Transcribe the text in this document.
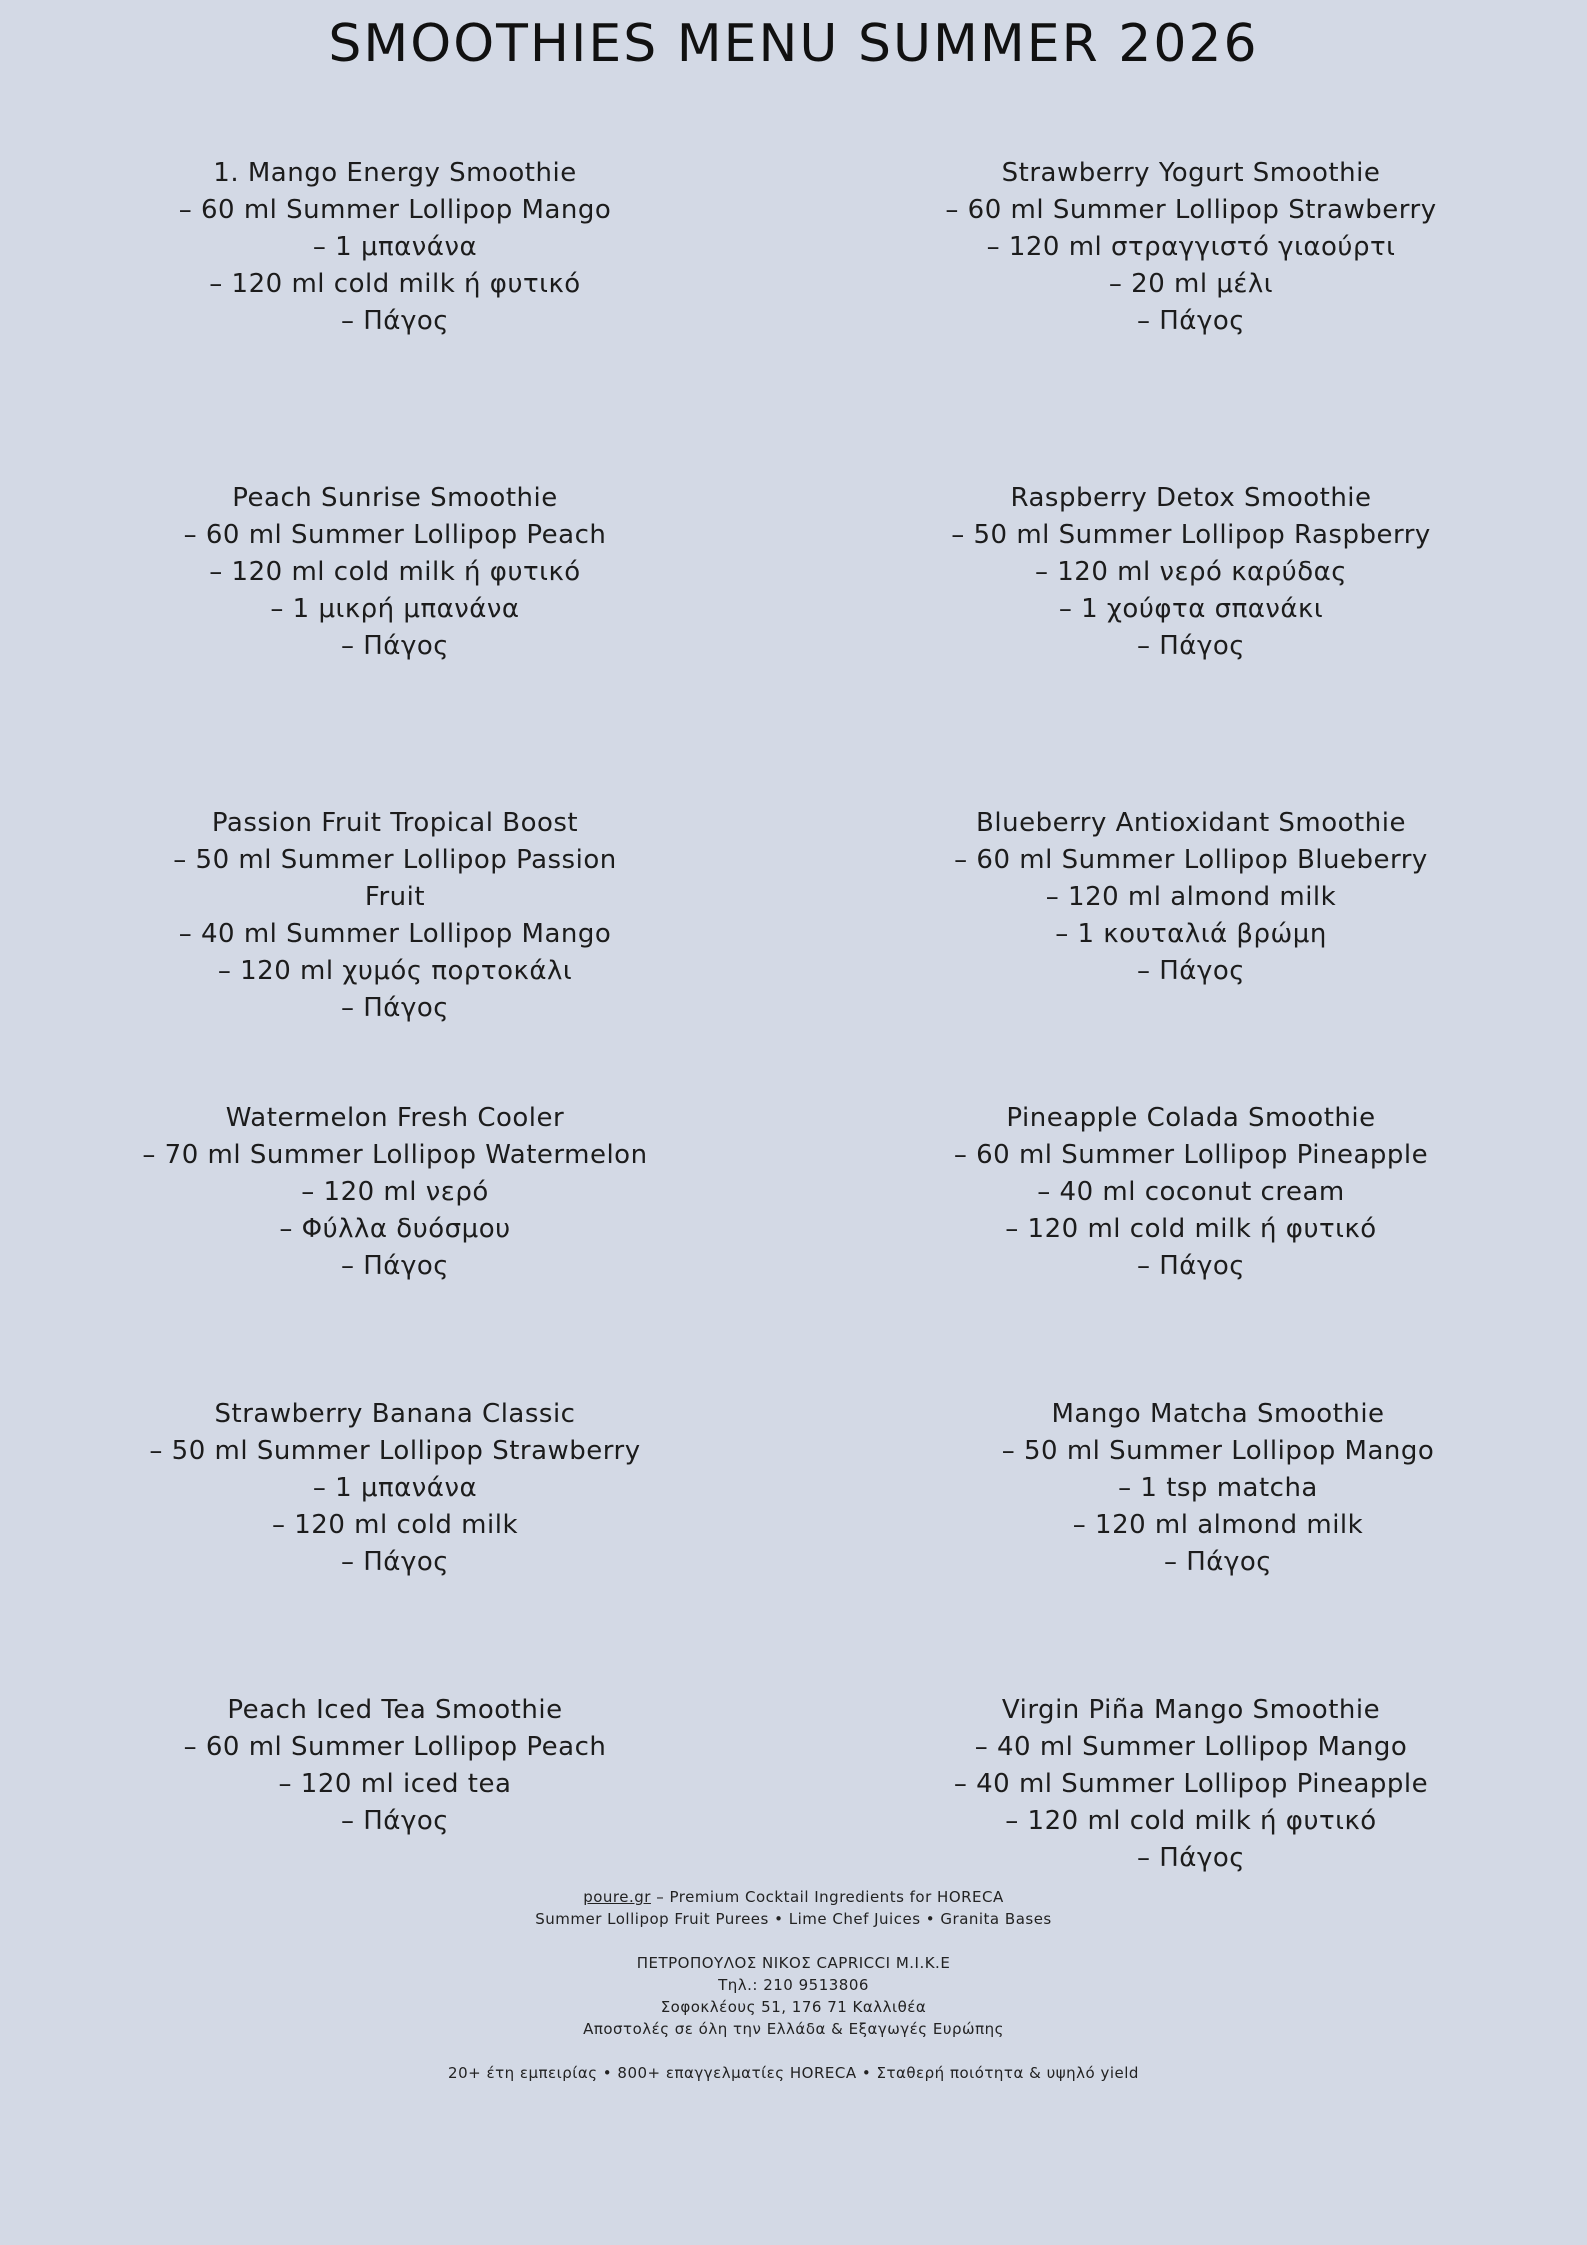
SMOOTHIES MENU SUMMER 2026
1. Mango Energy Smoothie
– 60 ml Summer Lollipop Mango
– 1 μπανάνα
– 120 ml cold milk ή φυτικό
– Πάγος
Strawberry Yogurt Smoothie
– 60 ml Summer Lollipop Strawberry
– 120 ml στραγγιστό γιαούρτι
– 20 ml μέλι
– Πάγος
Peach Sunrise Smoothie
– 60 ml Summer Lollipop Peach
– 120 ml cold milk ή φυτικό
– 1 μικρή μπανάνα
– Πάγος
Raspberry Detox Smoothie
– 50 ml Summer Lollipop Raspberry
– 120 ml νερό καρύδας
– 1 χούφτα σπανάκι
– Πάγος
Passion Fruit Tropical Boost
– 50 ml Summer Lollipop Passion
Fruit
– 40 ml Summer Lollipop Mango
– 120 ml χυμός πορτοκάλι
– Πάγος
Blueberry Antioxidant Smoothie
– 60 ml Summer Lollipop Blueberry
– 120 ml almond milk
– 1 κουταλιά βρώμη
– Πάγος
Watermelon Fresh Cooler
– 70 ml Summer Lollipop Watermelon
– 120 ml νερό
– Φύλλα δυόσμου
– Πάγος
Pineapple Colada Smoothie
– 60 ml Summer Lollipop Pineapple
– 40 ml coconut cream
– 120 ml cold milk ή φυτικό
– Πάγος
Strawberry Banana Classic
– 50 ml Summer Lollipop Strawberry
– 1 μπανάνα
– 120 ml cold milk
– Πάγος
Mango Matcha Smoothie
– 50 ml Summer Lollipop Mango
– 1 tsp matcha
– 120 ml almond milk
– Πάγος
Peach Iced Tea Smoothie
– 60 ml Summer Lollipop Peach
– 120 ml iced tea
– Πάγος
Virgin Piña Mango Smoothie
– 40 ml Summer Lollipop Mango
– 40 ml Summer Lollipop Pineapple
– 120 ml cold milk ή φυτικό
– Πάγος
poure.gr – Premium Cocktail Ingredients for HORECA
Summer Lollipop Fruit Purees • Lime Chef Juices • Granita Bases
ΠΕΤΡΟΠΟΥΛΟΣ ΝΙΚΟΣ CAPRICCI Μ.Ι.Κ.Ε
Τηλ.: 210 9513806
Σοφοκλέους 51, 176 71 Καλλιθέα
Αποστολές σε όλη την Ελλάδα & Εξαγωγές Ευρώπης
20+ έτη εμπειρίας • 800+ επαγγελματίες HORECA • Σταθερή ποιότητα & υψηλό yield
